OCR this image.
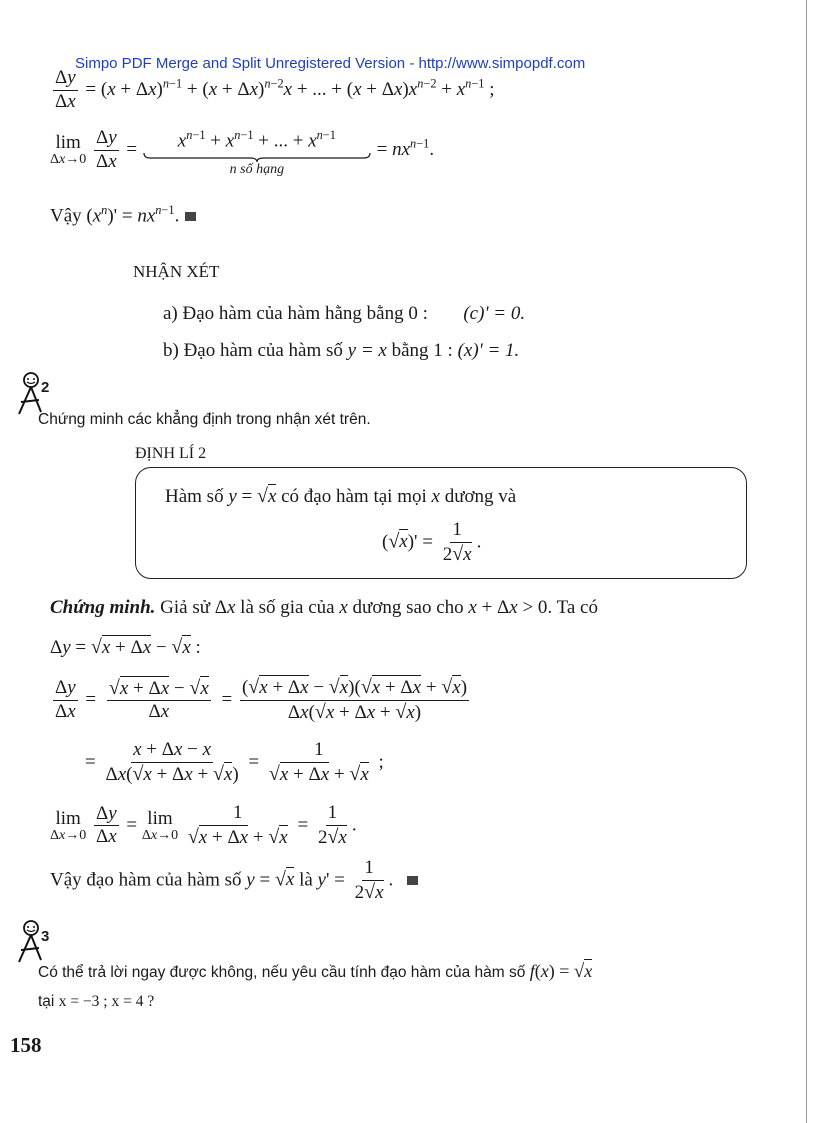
Simpo PDF Merge and Split Unregistered Version - http://www.simpopdf.com
$\frac{\Delta y}{\Delta x} = (x + \Delta x)^{n-1} + (x + \Delta x)^{n-2}x$ + ... + $(x + \Delta x)x^{n-2} + x^{n-1}$ ;
lim
Δx→0
$\frac{\Delta y}{\Delta x} = x^{n-1} + x^{n-1}$ + ... + $x^{n-1}$
n số hạng
= $nx^{n-1}$.
Vậy $(x^n)' = nx^{n-1}$.
NHẬN XÉT
a) Đạo hàm của hàm hằng bằng 0 : (c)' = 0.
b) Đạo hàm của hàm số y = x bằng 1 : (x)' = 1.
2
Chứng minh các khẳng định trong nhận xét trên.
ĐỊNH LÍ 2
Hàm số y = √x có đạo hàm tại mọi x dương và
$(√x)' = \frac{1}{2√x}$ .
Chứng minh. Giả sử Δx là số gia của x dương sao cho x + Δx > 0. Ta có
Δy = √x + Δx − √x :
$\frac{\Delta y}{\Delta x} = \frac{√x + \Delta x - √x}{\Delta x} = \frac{(√x + \Delta x - √x)(√x + \Delta x + √x)}{\Delta x(√x + \Delta x + √x)}$
= $\frac{x + \Delta x - x}{\Delta x(√x + \Delta x + √x)} = \frac{1}{√x + \Delta x + √x}$ ;
lim
Δx→0
$\frac{\Delta y}{\Delta x} = \lim$
Δx→0
$\frac{1}{√x + \Delta x + √x} = \frac{1}{2√x}$ .
Vậy đạo hàm của hàm số y = √x là $y' = \frac{1}{2√x}$ .
3
Có thể trả lời ngay được không, nếu yêu cầu tính đạo hàm của hàm số f(x) = √x
tại x = −3 ; x = 4 ?
158
